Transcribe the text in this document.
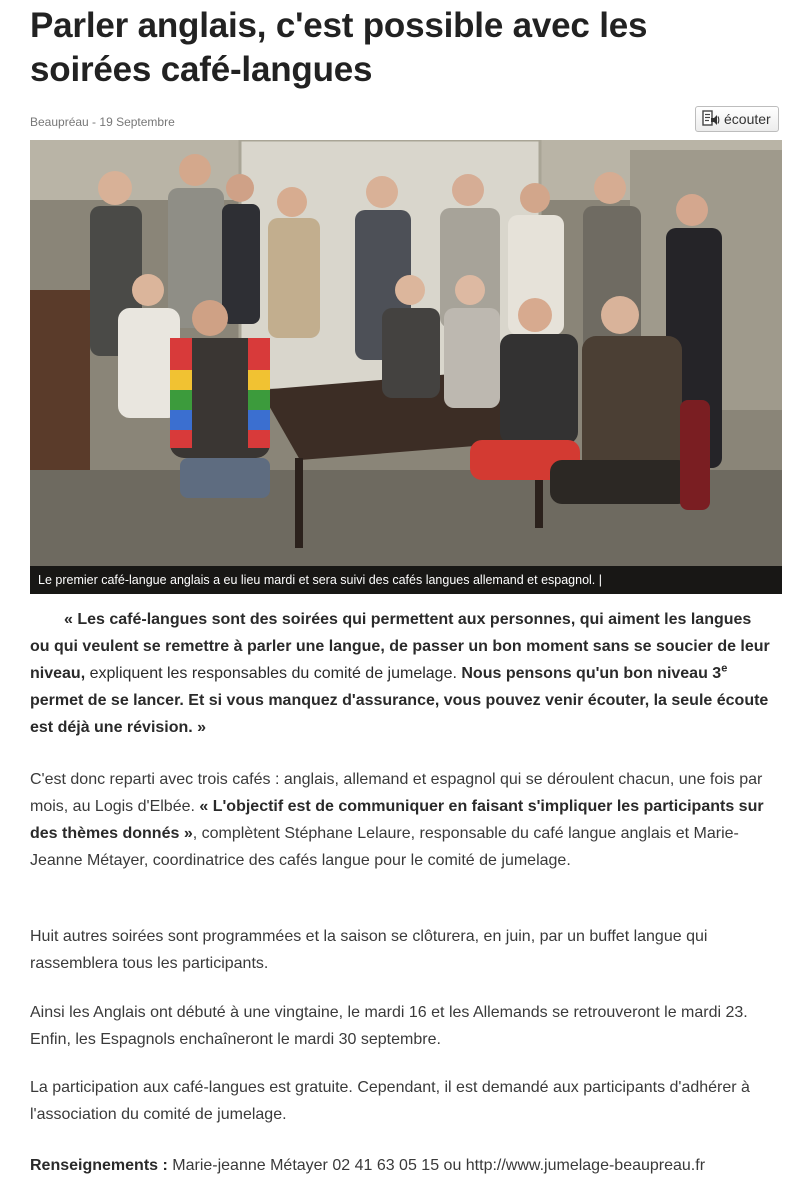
Parler anglais, c'est possible avec les soirées café-langues
Beaupréau - 19 Septembre	écouter
Le premier café-langue anglais a eu lieu mardi et sera suivi des cafés langues allemand et espagnol. |

« Les café-langues sont des soirées qui permettent aux personnes, qui aiment les langues ou qui veulent se remettre à parler une langue, de passer un bon moment sans se soucier de leur niveau, expliquent les responsables du comité de jumelage. Nous pensons qu'un bon niveau 3e permet de se lancer. Et si vous manquez d'assurance, vous pouvez venir écouter, la seule écoute est déjà une révision. »

C'est donc reparti avec trois cafés : anglais, allemand et espagnol qui se déroulent chacun, une fois par mois, au Logis d'Elbée. « L'objectif est de communiquer en faisant s'impliquer les participants sur des thèmes donnés », complètent Stéphane Lelaure, responsable du café langue anglais et Marie-Jeanne Métayer, coordinatrice des cafés langue pour le comité de jumelage.

Huit autres soirées sont programmées et la saison se clôturera, en juin, par un buffet langue qui rassemblera tous les participants.

Ainsi les Anglais ont débuté à une vingtaine, le mardi 16 et les Allemands se retrouveront le mardi 23. Enfin, les Espagnols enchaîneront le mardi 30 septembre.

La participation aux café-langues est gratuite. Cependant, il est demandé aux participants d'adhérer à l'association du comité de jumelage.

Renseignements : Marie-jeanne Métayer 02 41 63 05 15 ou http://www.jumelage-beaupreau.fr
